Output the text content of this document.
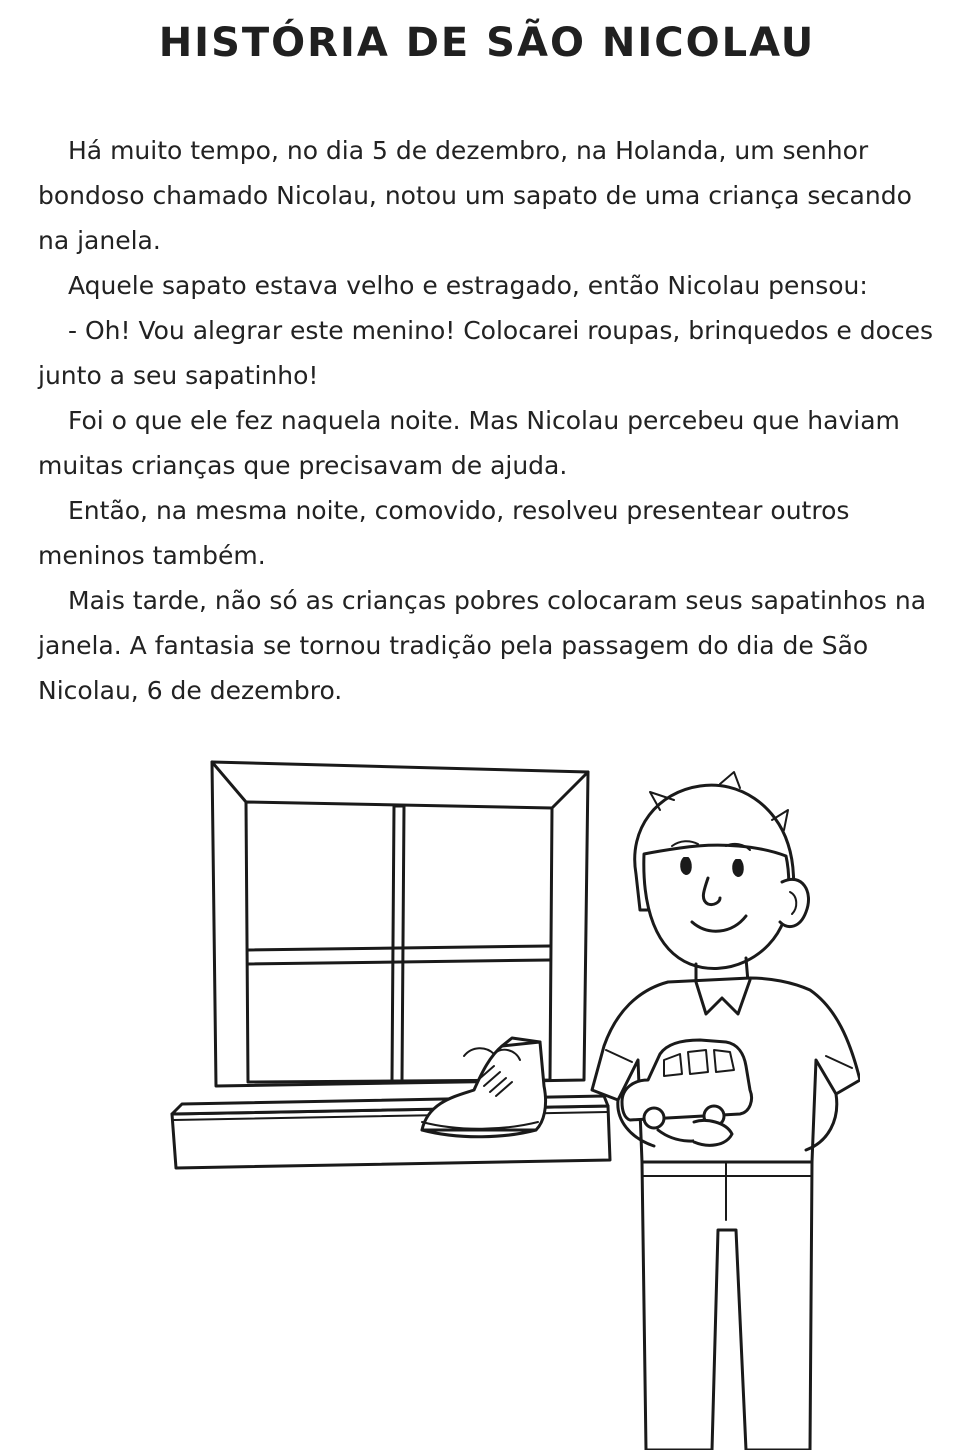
HISTÓRIA DE SÃO NICOLAU

Há muito tempo, no dia 5 de dezembro, na Holanda, um senhor bondoso chamado Nicolau, notou um sapato de uma criança secando na janela.

Aquele sapato estava velho e estragado, então Nicolau pensou:

- Oh! Vou alegrar este menino! Colocarei roupas, brinquedos e doces junto a seu sapatinho!

Foi o que ele fez naquela noite. Mas Nicolau percebeu que haviam muitas crianças que precisavam de ajuda.

Então, na mesma noite, comovido, resolveu presentear outros meninos também.

Mais tarde, não só as crianças pobres colocaram seus sapatinhos na janela. A fantasia se tornou tradição pela passagem do dia de São Nicolau, 6 de dezembro.
